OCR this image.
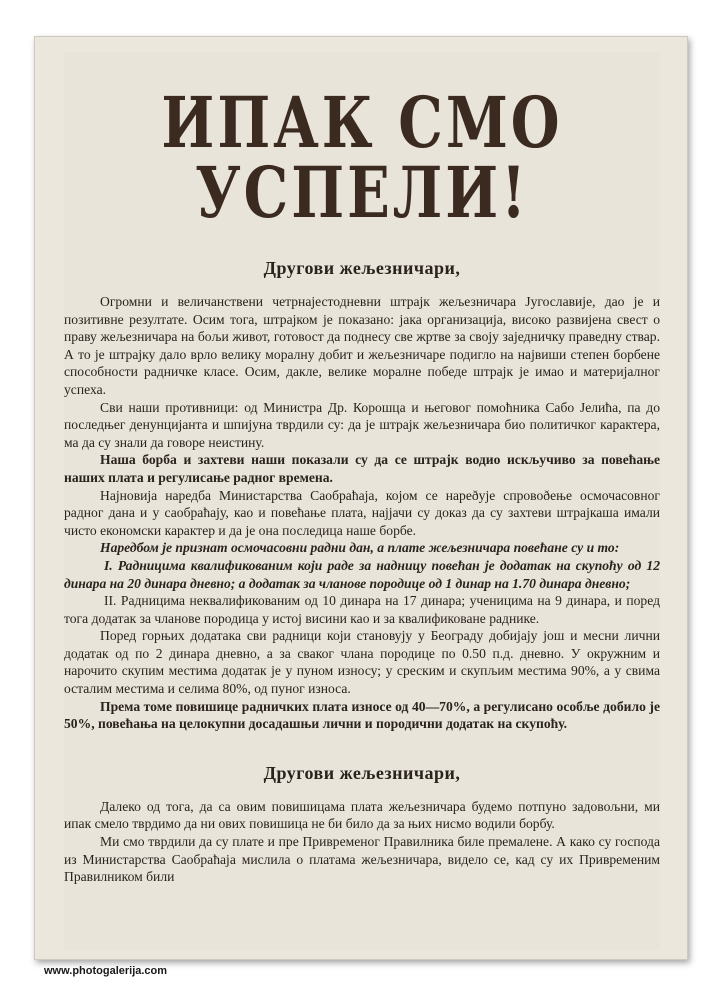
ИПАК СМО УСПЕЛИ!
Другови жељезничари,

Огромни и величанствени четрнаjестодневни штраjк жељезничара Југославиjе, дао jе и позитивне резултате. Осим тога, штраjком jе показано: jака организациjа, високо развиjена свест о праву жељезничара на бољи живот, готовост да поднесу све жртве за своjу заjедничку праведну ствар. А то je штраjку дало врло велику моралну добит и жељезничаре подигло на наjвиши степен борбене способности радничке класе. Осим, дакле, велике моралне победе штраjк je имао и материjалног успеха.

Сви наши противници: од Министра Др. Корошца и његовог помоћника Сабо Јелића, па до последњег денунциjанта и шпиjуна тврдили су: да je штраjк жељезничара био политичког карактера, ма да су знали да говоре неистину.

Наша борба и захтеви наши показали су да се штраjк водио искључиво за повећање наших плата и регулисање радног времена.

Наjновиjа наредба Министарства Саобраћаjа, коjом се нареðуjе спровоðење осмочасовног радног дана и у саобраћаjу, као и повећање плата, наjjачи су доказ да су захтеви штраjкаша имали чисто економски карактер и да je она последица наше борбе.

Наредбом je признат осмочасовни радни дан, а плате жељезничара повећане су и то:

I. Радницима квалификованим коjи раде за надницу повећан je додатак на скупоћу од 12 динара на 20 динара дневно; а додатак за чланове породице од 1 динар на 1.70 динара дневно;

II. Радницима неквалификованим од 10 динара на 17 динара; ученицима на 9 динара, и поред тога додатак за чланове породица у истоj висини као и за квалификоване раднике.

Поред горњих додатака сви радници коjи становуjу у Београду добиjаjу jош и месни лични додатак од по 2 динара дневно, а за сваког члана породице по 0.50 п.д. дневно. У окружним и нарочито скупим местима додатак je у пуном износу; у среским и скупљим местима 90%, а у свима осталим местима и селима 80%, од пуног износа.

Према томе повишице радничких плата износе од 40—70%, а регулисано особље добило je 50%, повећања на целокупни досадашњи лични и породични додатак на скупоћу.

Другови жељезничари,

Далеко од тога, да са овим повишицама плата жељезничара будемо потпуно задовољни, ми ипак смело тврдимо да ни ових повишица не би било да за њих нисмо водили борбу.

Ми смо тврдили да су плате и пре Привременог Правилника биле премалене. А како су господа из Министарства Саобраћаjа мислила о платама жељезничара, видело се, кад су их Привременим Правилником били

www.photogalerija.com
